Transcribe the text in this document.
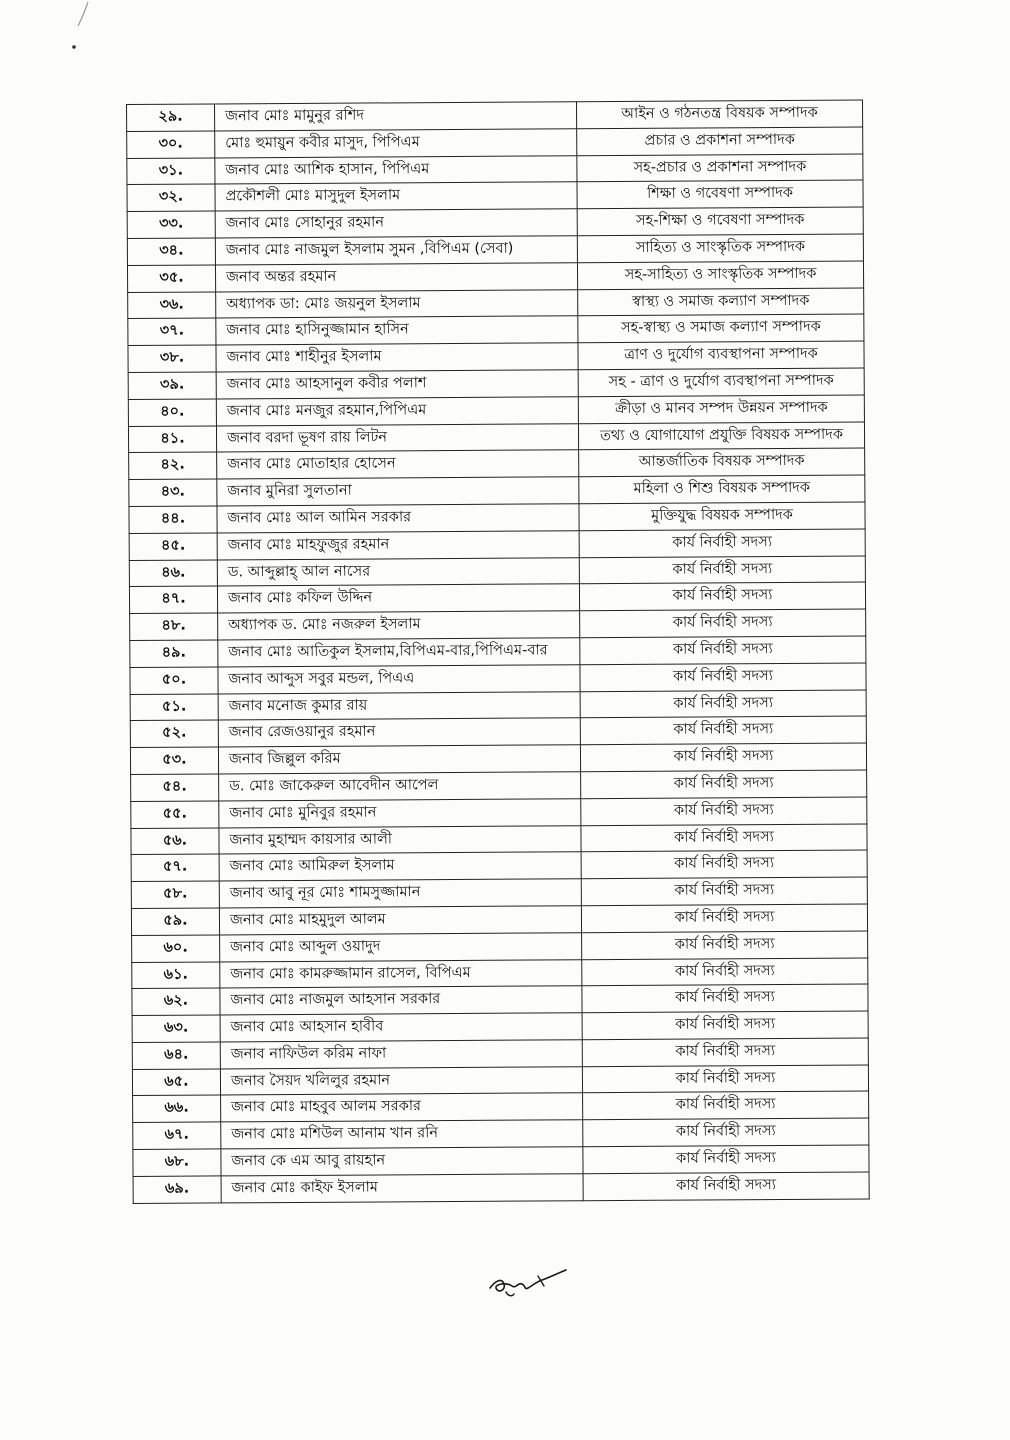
২৯.	জনাব মোঃ মামুনুর রশিদ	আইন ও গঠনতন্ত্র বিষয়ক সম্পাদক
৩০.	মোঃ হুমায়ুন কবীর মাসুদ, পিপিএম	প্রচার ও প্রকাশনা সম্পাদক
৩১.	জনাব মোঃ আশিক হাসান, পিপিএম	সহ-প্রচার ও প্রকাশনা সম্পাদক
৩২.	প্রকৌশলী মোঃ মাসুদুল ইসলাম	শিক্ষা ও গবেষণা সম্পাদক
৩৩.	জনাব মোঃ সোহানুর রহমান	সহ-শিক্ষা ও গবেষণা সম্পাদক
৩৪.	জনাব মোঃ নাজমুল ইসলাম সুমন ,বিপিএম (সেবা)	সাহিত্য ও সাংস্কৃতিক সম্পাদক
৩৫.	জনাব অন্তর রহমান	সহ-সাহিত্য ও সাংস্কৃতিক সম্পাদক
৩৬.	অধ্যাপক ডা: মোঃ জয়নুল ইসলাম	স্বাস্থ্য ও সমাজ কল্যাণ সম্পাদক
৩৭.	জনাব মোঃ হাসিনুজ্জামান হাসিন	সহ-স্বাস্থ্য ও সমাজ কল্যাণ সম্পাদক
৩৮.	জনাব মোঃ শাহীনুর ইসলাম	ত্রাণ ও দুর্যোগ ব্যবস্থাপনা সম্পাদক
৩৯.	জনাব মোঃ আহসানুল কবীর পলাশ	সহ - ত্রাণ ও দুর্যোগ ব্যবস্থাপনা সম্পাদক
৪০.	জনাব মোঃ মনজুর রহমান,পিপিএম	ক্রীড়া ও মানব সম্পদ উন্নয়ন সম্পাদক
৪১.	জনাব বরদা ভূষণ রায় লিটন	তথ্য ও যোগাযোগ প্রযুক্তি বিষয়ক সম্পাদক
৪২.	জনাব মোঃ মোতাহার হোসেন	আন্তর্জাতিক বিষয়ক সম্পাদক
৪৩.	জনাব মুনিরা সুলতানা	মহিলা ও শিশু বিষয়ক সম্পাদক
৪৪.	জনাব মোঃ আল আমিন সরকার	মুক্তিযুদ্ধ বিষয়ক সম্পাদক
৪৫.	জনাব মোঃ মাহফুজুর রহমান	কার্য নির্বাহী সদস্য
৪৬.	ড. আব্দুল্লাহ্ আল নাসের	কার্য নির্বাহী সদস্য
৪৭.	জনাব মোঃ কফিল উদ্দিন	কার্য নির্বাহী সদস্য
৪৮.	অধ্যাপক ড. মোঃ নজরুল ইসলাম	কার্য নির্বাহী সদস্য
৪৯.	জনাব মোঃ আতিকুল ইসলাম,বিপিএম-বার,পিপিএম-বার	কার্য নির্বাহী সদস্য
৫০.	জনাব আব্দুস সবুর মন্ডল, পিএএ	কার্য নির্বাহী সদস্য
৫১.	জনাব মনোজ কুমার রায়	কার্য নির্বাহী সদস্য
৫২.	জনাব রেজওয়ানুর রহমান	কার্য নির্বাহী সদস্য
৫৩.	জনাব জিল্লুল করিম	কার্য নির্বাহী সদস্য
৫৪.	ড. মোঃ জাকেরুল আবেদীন আপেল	কার্য নির্বাহী সদস্য
৫৫.	জনাব মোঃ মুনিবুর রহমান	কার্য নির্বাহী সদস্য
৫৬.	জনাব মুহাম্মদ কায়সার আলী	কার্য নির্বাহী সদস্য
৫৭.	জনাব মোঃ আমিরুল ইসলাম	কার্য নির্বাহী সদস্য
৫৮.	জনাব আবু নূর মোঃ শামসুজ্জামান	কার্য নির্বাহী সদস্য
৫৯.	জনাব মোঃ মাহমুদুল আলম	কার্য নির্বাহী সদস্য
৬০.	জনাব মোঃ আব্দুল ওয়াদুদ	কার্য নির্বাহী সদস্য
৬১.	জনাব মোঃ কামরুজ্জামান রাসেল, বিপিএম	কার্য নির্বাহী সদস্য
৬২.	জনাব মোঃ নাজমুল আহসান সরকার	কার্য নির্বাহী সদস্য
৬৩.	জনাব মোঃ আহসান হাবীব	কার্য নির্বাহী সদস্য
৬৪.	জনাব নাফিউল করিম নাফা	কার্য নির্বাহী সদস্য
৬৫.	জনাব সৈয়দ খলিলুর রহমান	কার্য নির্বাহী সদস্য
৬৬.	জনাব মোঃ মাহবুব আলম সরকার	কার্য নির্বাহী সদস্য
৬৭.	জনাব মোঃ মশিউল আনাম খান রনি	কার্য নির্বাহী সদস্য
৬৮.	জনাব কে এম আবু রায়হান	কার্য নির্বাহী সদস্য
৬৯.	জনাব মোঃ কাইফ ইসলাম	কার্য নির্বাহী সদস্য
